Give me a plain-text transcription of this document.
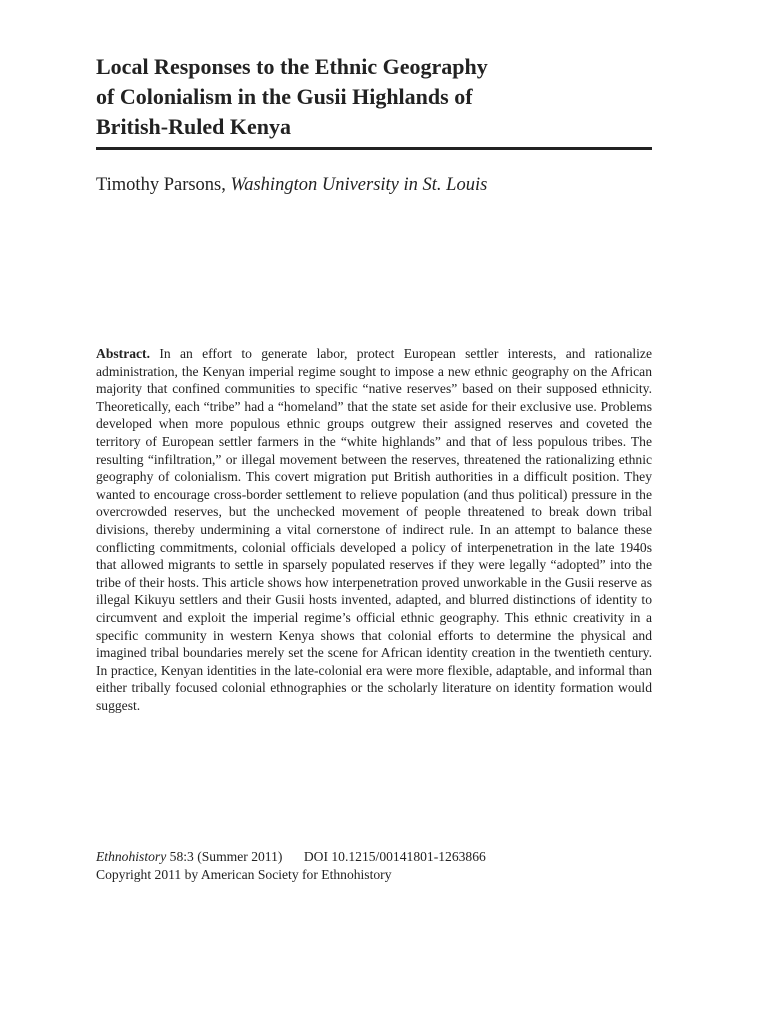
Local Responses to the Ethnic Geography
of Colonialism in the Gusii Highlands of
British-Ruled Kenya
Timothy Parsons, Washington University in St. Louis

Abstract. In an effort to generate labor, protect European settler interests, and rationalize administration, the Kenyan imperial regime sought to impose a new ethnic geography on the African majority that confined communities to specific “native reserves” based on their supposed ethnicity. Theoretically, each “tribe” had a “homeland” that the state set aside for their exclusive use. Problems developed when more populous ethnic groups outgrew their assigned reserves and coveted the territory of European settler farmers in the “white highlands” and that of less populous tribes. The resulting “infiltration,” or illegal movement between the reserves, threatened the rationalizing ethnic geography of colonialism. This covert migration put British authorities in a difficult position. They wanted to encourage cross-border settlement to relieve population (and thus political) pressure in the overcrowded reserves, but the unchecked movement of people threatened to break down tribal divisions, thereby undermining a vital cornerstone of indirect rule. In an attempt to balance these conflicting commitments, colonial officials developed a policy of interpenetration in the late 1940s that allowed migrants to settle in sparsely populated reserves if they were legally “adopted” into the tribe of their hosts. This article shows how interpenetration proved unworkable in the Gusii reserve as illegal Kikuyu settlers and their Gusii hosts invented, adapted, and blurred distinctions of identity to circumvent and exploit the imperial regime’s official ethnic geography. This ethnic creativity in a specific community in western Kenya shows that colonial efforts to determine the physical and imagined tribal boundaries merely set the scene for African identity creation in the twentieth century. In practice, Kenyan identities in the late-colonial era were more flexible, adaptable, and informal than either tribally focused colonial ethnographies or the scholarly literature on identity formation would suggest.

Ethnohistory 58:3 (Summer 2011) DOI 10.1215/00141801-1263866
Copyright 2011 by American Society for Ethnohistory
